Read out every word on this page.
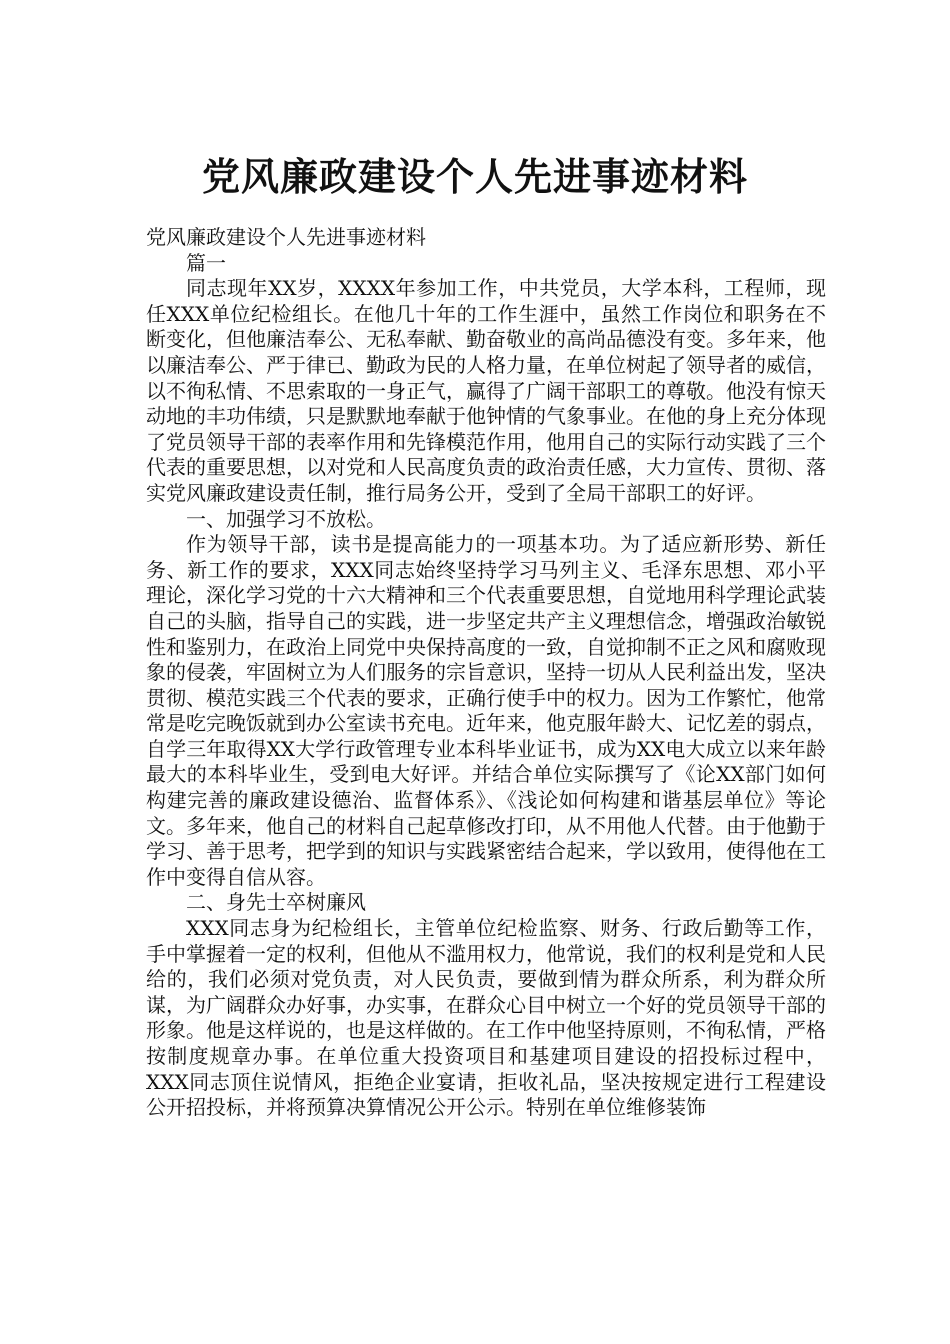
党风廉政建设个人先进事迹材料

党风廉政建设个人先进事迹材料

篇一

同志现年XX岁，XXXX年参加工作，中共党员，大学本科，工程师，现任XXX单位纪检组长。在他几十年的工作生涯中，虽然工作岗位和职务在不断变化，但他廉洁奉公、无私奉献、勤奋敬业的高尚品德没有变。多年来，他以廉洁奉公、严于律已、勤政为民的人格力量，在单位树起了领导者的威信，以不徇私情、不思索取的一身正气，赢得了广阔干部职工的尊敬。他没有惊天动地的丰功伟绩，只是默默地奉献于他钟情的气象事业。在他的身上充分体现了党员领导干部的表率作用和先锋模范作用，他用自己的实际行动实践了三个代表的重要思想，以对党和人民高度负责的政治责任感，大力宣传、贯彻、落实党风廉政建设责任制，推行局务公开，受到了全局干部职工的好评。

一、加强学习不放松。

作为领导干部，读书是提高能力的一项基本功。为了适应新形势、新任务、新工作的要求，XXX同志始终坚持学习马列主义、毛泽东思想、邓小平理论，深化学习党的十六大精神和三个代表重要思想，自觉地用科学理论武装自己的头脑，指导自己的实践，进一步坚定共产主义理想信念，增强政治敏锐性和鉴别力，在政治上同党中央保持高度的一致，自觉抑制不正之风和腐败现象的侵袭，牢固树立为人们服务的宗旨意识，坚持一切从人民利益出发，坚决贯彻、模范实践三个代表的要求，正确行使手中的权力。因为工作繁忙，他常常是吃完晚饭就到办公室读书充电。近年来，他克服年龄大、记忆差的弱点，自学三年取得XX大学行政管理专业本科毕业证书，成为XX电大成立以来年龄最大的本科毕业生，受到电大好评。并结合单位实际撰写了《论XX部门如何构建完善的廉政建设德治、监督体系》、《浅论如何构建和谐基层单位》等论文。多年来，他自己的材料自己起草修改打印，从不用他人代替。由于他勤于学习、善于思考，把学到的知识与实践紧密结合起来，学以致用，使得他在工作中变得自信从容。

二、身先士卒树廉风

XXX同志身为纪检组长，主管单位纪检监察、财务、行政后勤等工作，手中掌握着一定的权利，但他从不滥用权力，他常说，我们的权利是党和人民给的，我们必须对党负责，对人民负责，要做到情为群众所系，利为群众所谋，为广阔群众办好事，办实事，在群众心目中树立一个好的党员领导干部的形象。他是这样说的，也是这样做的。在工作中他坚持原则，不徇私情，严格按制度规章办事。在单位重大投资项目和基建项目建设的招投标过程中，XXX同志顶住说情风，拒绝企业宴请，拒收礼品，坚决按规定进行工程建设公开招投标，并将预算决算情况公开公示。特别在单位维修装饰
